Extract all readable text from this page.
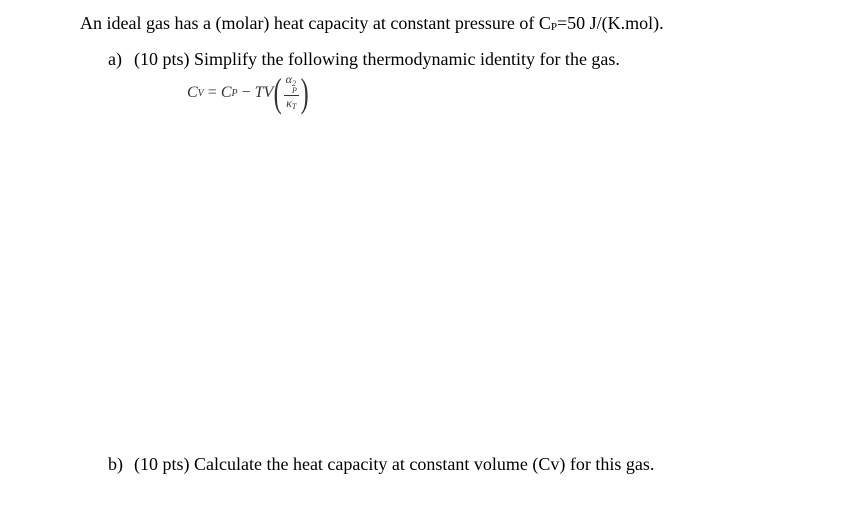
An ideal gas has a (molar) heat capacity at constant pressure of CP=50 J/(K.mol).
a) (10 pts) Simplify the following thermodynamic identity for the gas.
C V = C P − TV ( α 2
P
κT )
b) (10 pts) Calculate the heat capacity at constant volume (Cv) for this gas.
